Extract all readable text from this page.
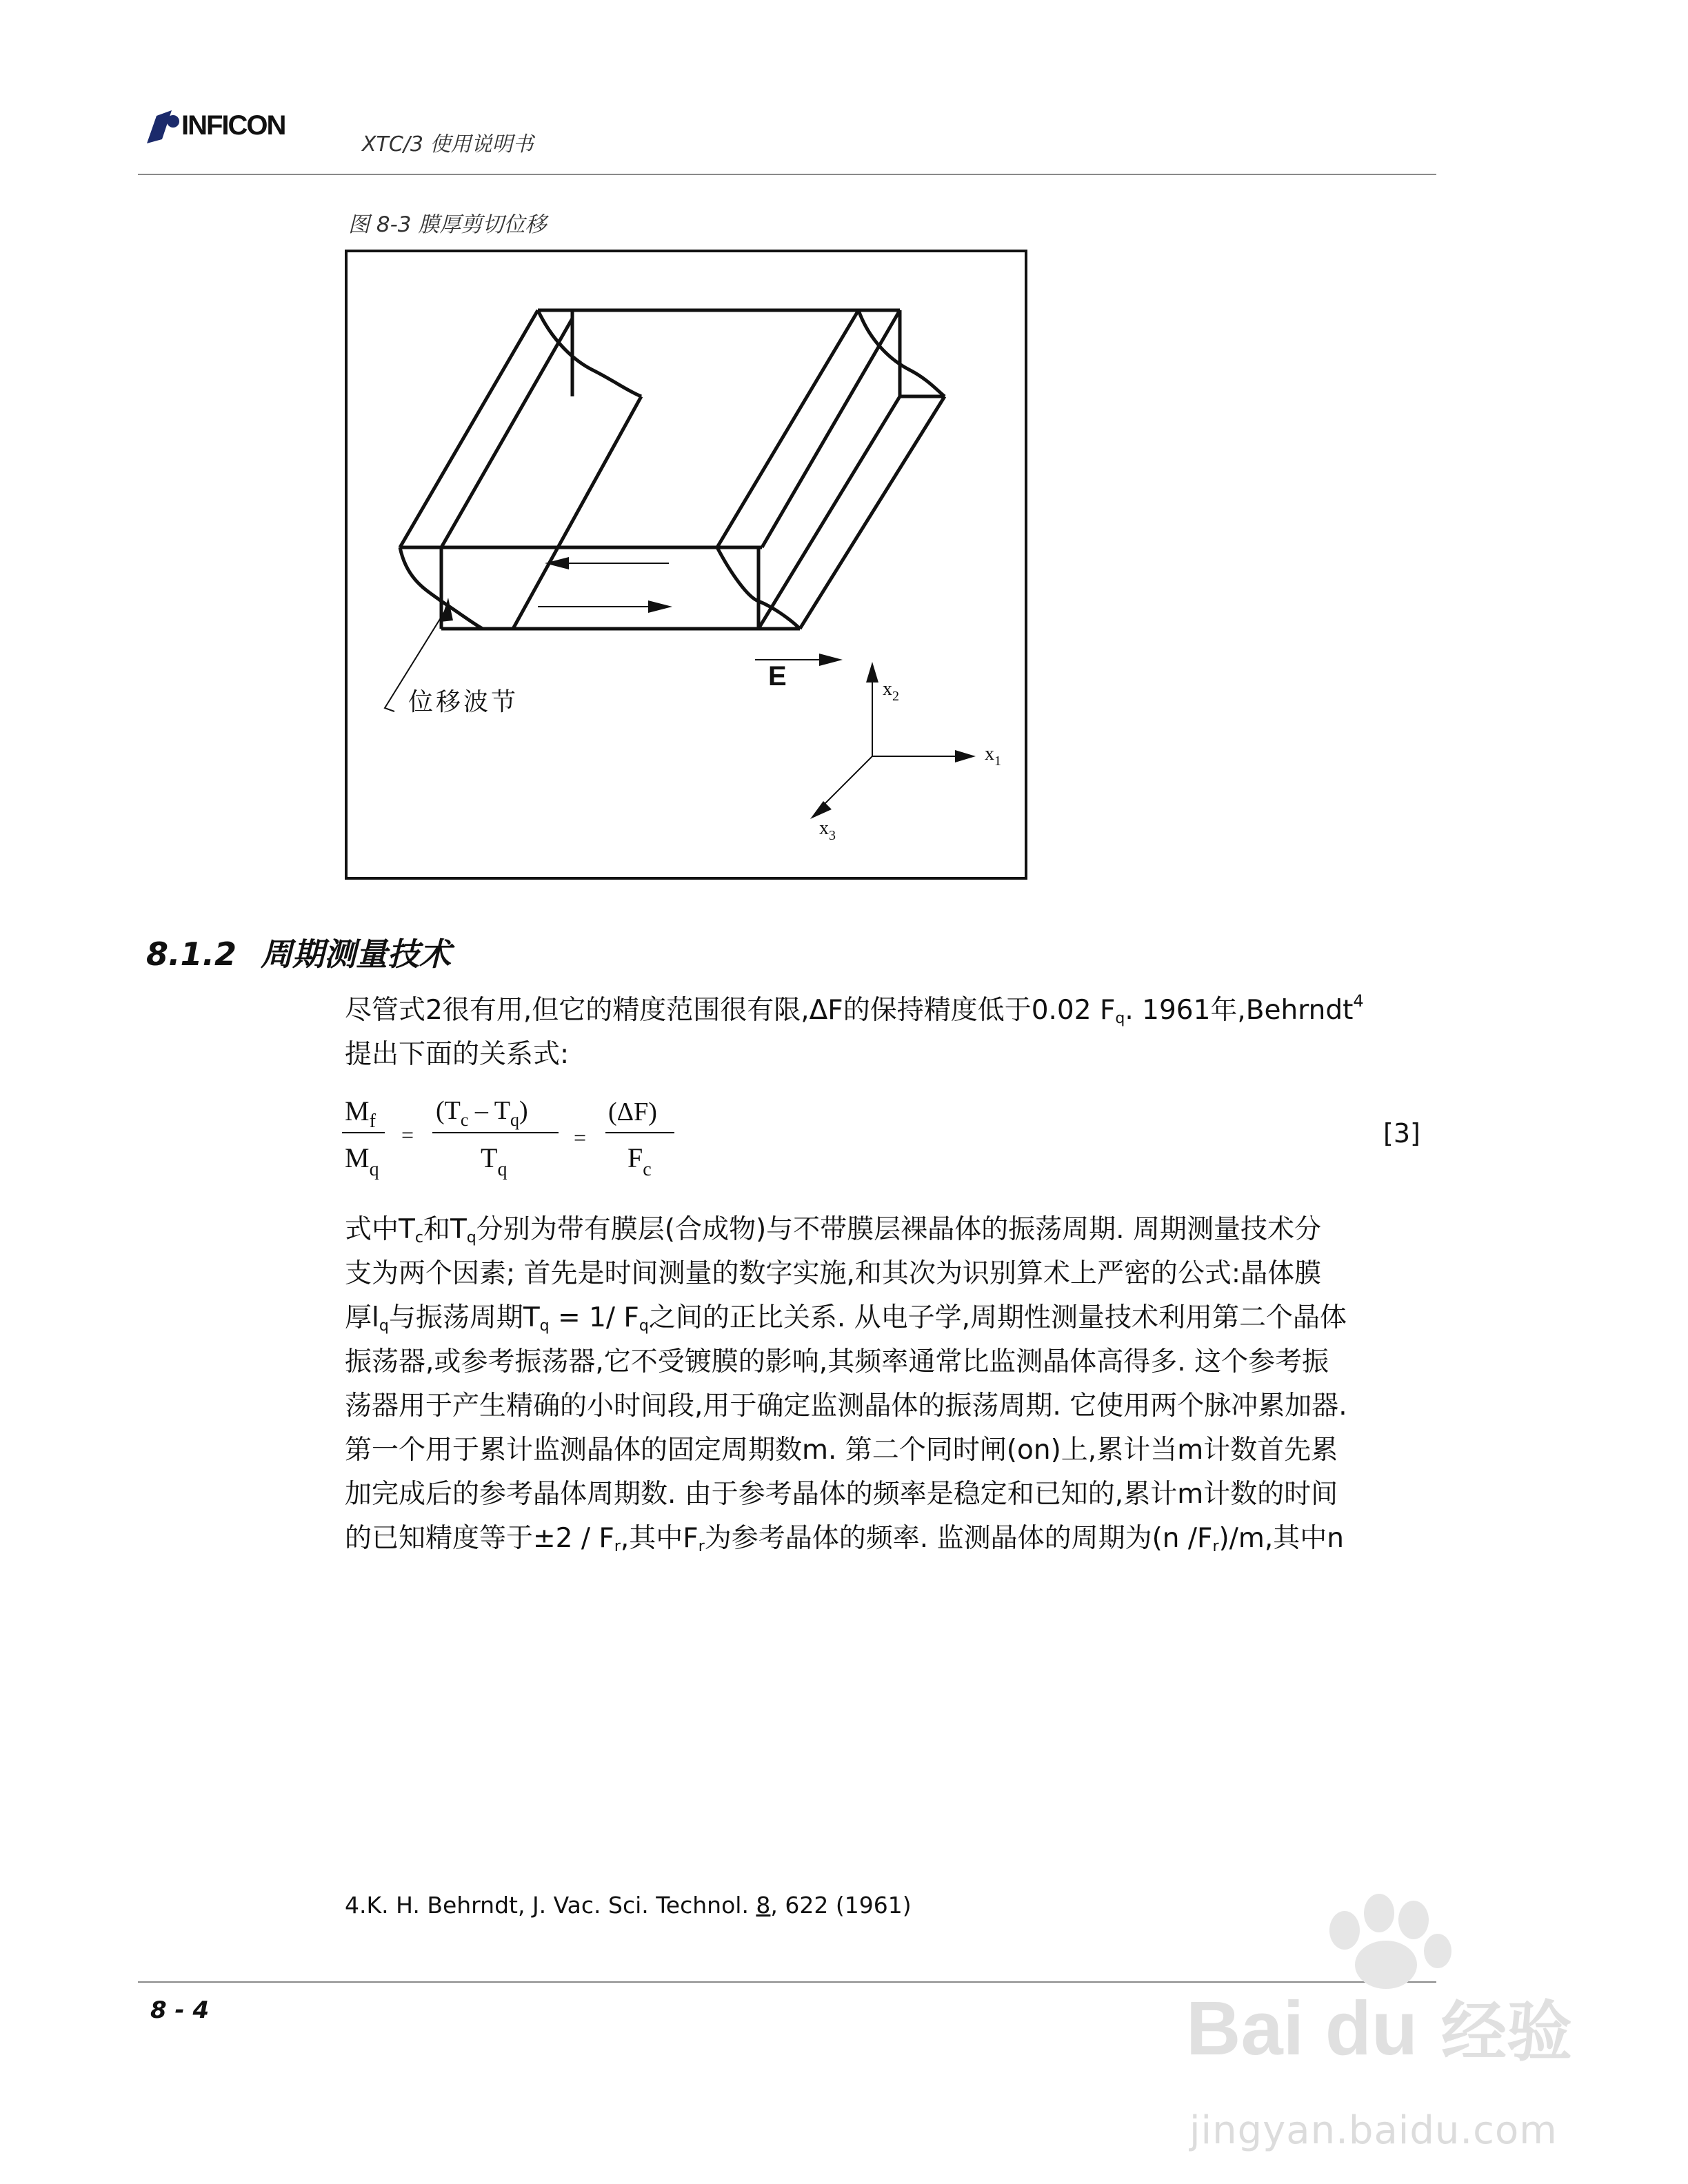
INFICON
XTC/3 使用说明书
图 8-3 膜厚剪切位移
E
位移波节	$x_2$
$x_1$
$x_3$
8.1.2 周期测量技术
尽管式2很有用,但它的精度范围很有限,ΔF的保持精度低于0.02 $F_q$. 1961年,Behrndt$^4$
提出下面的关系式:
$M_f$
$M_q$
=
$(T_c - T_q)$
$T_q$
=
(ΔF)
$F_c$
[3]
式中$T_c$和$T_q$分别为带有膜层(合成物)与不带膜层裸晶体的振荡周期. 周期测量技术分
支为两个因素; 首先是时间测量的数字实施,和其次为识别算术上严密的公式:晶体膜
厚$l_q$与振荡周期$T_q = 1/$ $F_q$之间的正比关系. 从电子学,周期性测量技术利用第二个晶体
振荡器,或参考振荡器,它不受镀膜的影响,其频率通常比监测晶体高得多. 这个参考振
荡器用于产生精确的小时间段,用于确定监测晶体的振荡周期. 它使用两个脉冲累加器.
第一个用于累计监测晶体的固定周期数m. 第二个同时闸(on)上,累计当m计数首先累
加完成后的参考晶体周期数. 由于参考晶体的频率是稳定和已知的,累计m计数的时间
的已知精度等于$\pm 2 / F_r$,其中$F_r$为参考晶体的频率. 监测晶体的周期为(n $/F_r)/m$,其中n
4.K. H. Behrndt, J. Vac. Sci. Technol. 8, 622 (1961)
8 - 4	Bai du 经验
jingyan.baidu.com
